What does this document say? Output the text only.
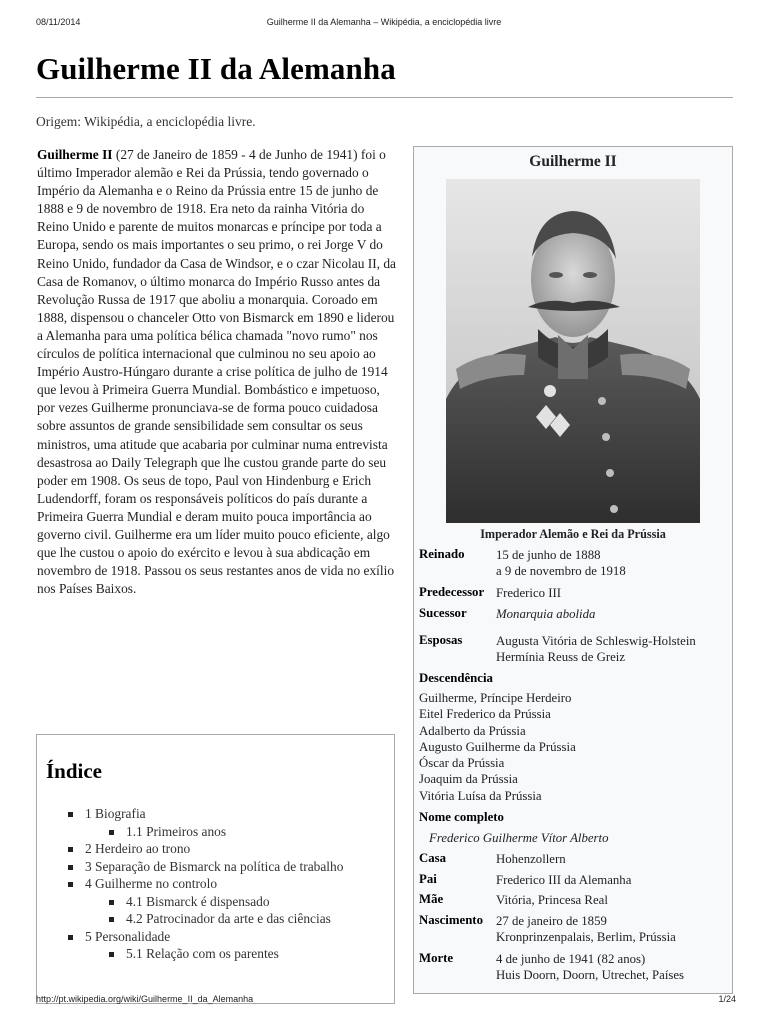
08/11/2014	Guilherme II da Alemanha – Wikipédia, a enciclopédia livre
Guilherme II da Alemanha
Origem: Wikipédia, a enciclopédia livre.

Guilherme II (27 de Janeiro de 1859 - 4 de Junho de 1941) foi o último Imperador alemão e Rei da Prússia, tendo governado o Império da Alemanha e o Reino da Prússia entre 15 de junho de 1888 e 9 de novembro de 1918. Era neto da rainha Vitória do Reino Unido e parente de muitos monarcas e príncipe por toda a Europa, sendo os mais importantes o seu primo, o rei Jorge V do Reino Unido, fundador da Casa de Windsor, e o czar Nicolau II, da Casa de Romanov, o último monarca do Império Russo antes da Revolução Russa de 1917 que aboliu a monarquia. Coroado em 1888, dispensou o chanceler Otto von Bismarck em 1890 e liderou a Alemanha para uma política bélica chamada "novo rumo" nos círculos de política internacional que culminou no seu apoio ao Império Austro-Húngaro durante a crise política de julho de 1914 que levou à Primeira Guerra Mundial. Bombástico e impetuoso, por vezes Guilherme pronunciava-se de forma pouco cuidadosa sobre assuntos de grande sensibilidade sem consultar os seus ministros, uma atitude que acabaria por culminar numa entrevista desastrosa ao Daily Telegraph que lhe custou grande parte do seu poder em 1908. Os seus de topo, Paul von Hindenburg e Erich Ludendorff, foram os responsáveis políticos do país durante a Primeira Guerra Mundial e deram muito pouca importância ao governo civil. Guilherme era um líder muito pouco eficiente, algo que lhe custou o apoio do exército e levou à sua abdicação em novembro de 1918. Passou os seus restantes anos de vida no exílio nos Países Baixos.

Índice
1 Biografia
1.1 Primeiros anos
2 Herdeiro ao trono
3 Separação de Bismarck na política de trabalho
4 Guilherme no controlo
4.1 Bismarck é dispensado
4.2 Patrocinador da arte e das ciências
5 Personalidade
5.1 Relação com os parentes
Guilherme II
Imperador Alemão e Rei da Prússia
Reinado	15 de junho de 1888
a 9 de novembro de 1918
Predecessor Frederico III
Sucessor	Monarquia abolida
Esposas	Augusta Vitória de Schleswig-Holstein
Hermínia Reuss de Greiz
Descendência
Guilherme, Príncipe Herdeiro
Eitel Frederico da Prússia
Adalberto da Prússia
Augusto Guilherme da Prússia
Óscar da Prússia
Joaquim da Prússia
Vitória Luísa da Prússia
Nome completo
Frederico Guilherme Vítor Alberto
Casa	Hohenzollern
Pai	Frederico III da Alemanha
Mãe	Vitória, Princesa Real
Nascimento	27 de janeiro de 1859
Kronprinzenpalais, Berlim, Prússia
Morte	4 de junho de 1941 (82 anos)
Huis Doorn, Doorn, Utrechet, Países
http://pt.wikipedia.org/wiki/Guilherme_II_da_Alemanha	1/24
